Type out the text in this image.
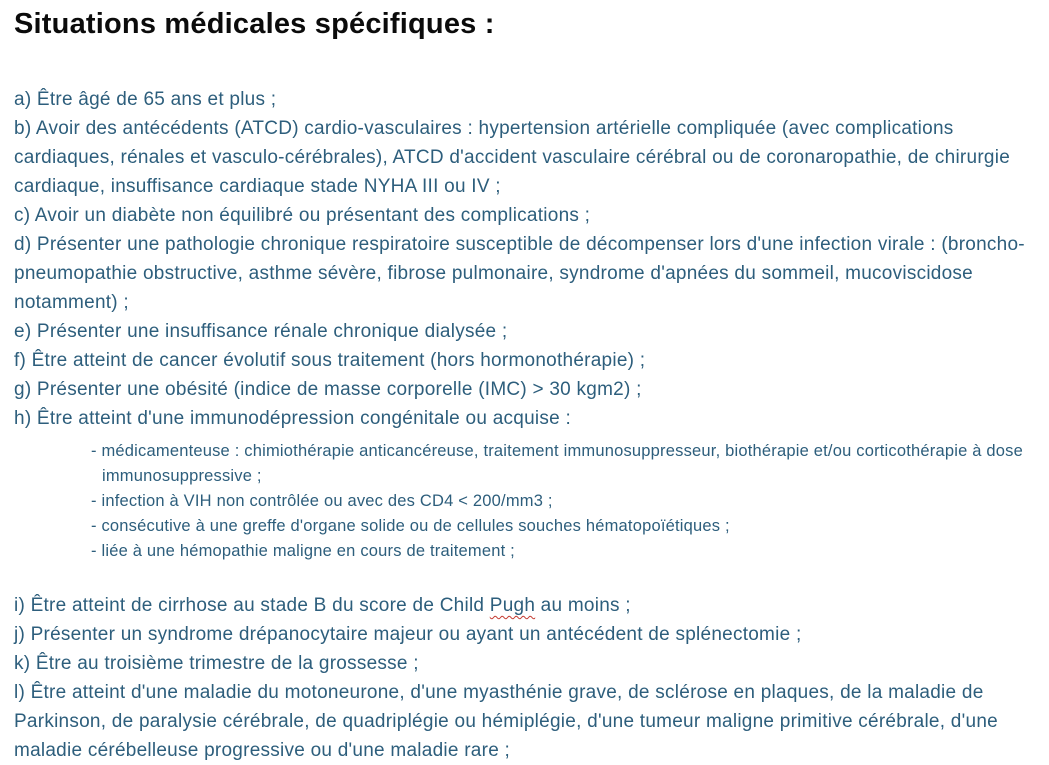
Situations médicales spécifiques :

a) Être âgé de 65 ans et plus ;

b) Avoir des antécédents (ATCD) cardio-vasculaires : hypertension artérielle compliquée (avec complications cardiaques, rénales et vasculo-cérébrales), ATCD d'accident vasculaire cérébral ou de coronaropathie, de chirurgie cardiaque, insuffisance cardiaque stade NYHA III ou IV ;

c) Avoir un diabète non équilibré ou présentant des complications ;

d) Présenter une pathologie chronique respiratoire susceptible de décompenser lors d'une infection virale : (broncho-pneumopathie obstructive, asthme sévère, fibrose pulmonaire, syndrome d'apnées du sommeil, mucoviscidose notamment) ;

e) Présenter une insuffisance rénale chronique dialysée ;

f) Être atteint de cancer évolutif sous traitement (hors hormonothérapie) ;

g) Présenter une obésité (indice de masse corporelle (IMC) > 30 kgm2) ;

h) Être atteint d'une immunodépression congénitale ou acquise :

- médicamenteuse : chimiothérapie anticancéreuse, traitement immunosuppresseur, biothérapie et/ou corticothérapie à dose immunosuppressive ;

- infection à VIH non contrôlée ou avec des CD4 < 200/mm3 ;

- consécutive à une greffe d'organe solide ou de cellules souches hématopoïétiques ;

- liée à une hémopathie maligne en cours de traitement ;

i) Être atteint de cirrhose au stade B du score de Child Pugh au moins ;

j) Présenter un syndrome drépanocytaire majeur ou ayant un antécédent de splénectomie ;

k) Être au troisième trimestre de la grossesse ;

l) Être atteint d'une maladie du motoneurone, d'une myasthénie grave, de sclérose en plaques, de la maladie de Parkinson, de paralysie cérébrale, de quadriplégie ou hémiplégie, d'une tumeur maligne primitive cérébrale, d'une maladie cérébelleuse progressive ou d'une maladie rare ;
